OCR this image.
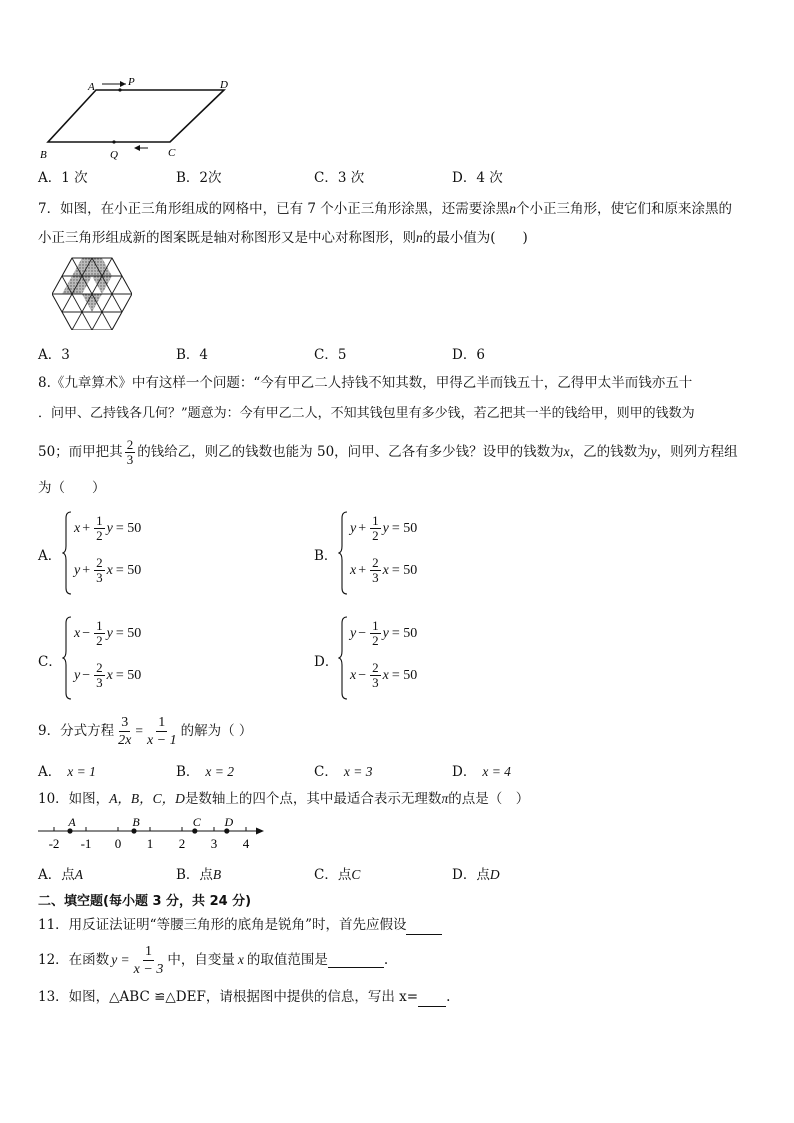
A	P	D
B	Q	C
A．1 次	B．2次	C．3 次	D．4 次
7．如图，在小正三角形组成的网格中，已有 7 个小正三角形涂黑，还需要涂黑n个小正三角形，使它们和原来涂黑的
小正三角形组成新的图案既是轴对称图形又是中心对称图形，则n的最小值为(　　)
A．3	B．4	C．5	D．6
8.《九章算术》中有这样一个问题：“今有甲乙二人持钱不知其数，甲得乙半而钱五十，乙得甲太半而钱亦五十
．问甲、乙持钱各几何？”题意为：今有甲乙二人，不知其钱包里有多少钱，若乙把其一半的钱给甲，则甲的钱数为
50；而甲把其 $\frac{2}{3}$ 的钱给乙，则乙的钱数也能为 50，问甲、乙各有多少钱？设甲的钱数为 x ，乙的钱数为 y ，则列方程组
为（　　）
A．	B．
C．	D．
$x + \frac{1}{2}$ y = 50
$y + \frac{2}{3}$ x = 50
$y + \frac{1}{2}$ y = 50
$x + \frac{2}{3}$ x = 50
$x - \frac{1}{2}$ y = 50
$y - \frac{2}{3}$ x = 50
$y - \frac{1}{2}$ y = 50
$x - \frac{2}{3}$ x = 50
9．分式方程 $\frac{3}{2x} = \frac{1}{x - 1}$ 的解为（ ）
A． x = 1	B． x = 2	C． x = 3	D． x = 4
10．如图，A，B，C，D是数轴上的四个点，其中最适合表示无理数π的点是（　）
-2 -1 0 1 2 3 4
A	B	C D
A．点A	B．点B	C．点C	D．点D
二、填空题(每小题 3 分，共 24 分)
11．用反证法证明“等腰三角形的底角是锐角”时，首先应假设
12．在函数 $y = \frac{1}{x - 3}$ 中，自变量 x 的取值范围是	.
13．如图，△ABC ≌△DEF，请根据图中提供的信息，写出 x= .
